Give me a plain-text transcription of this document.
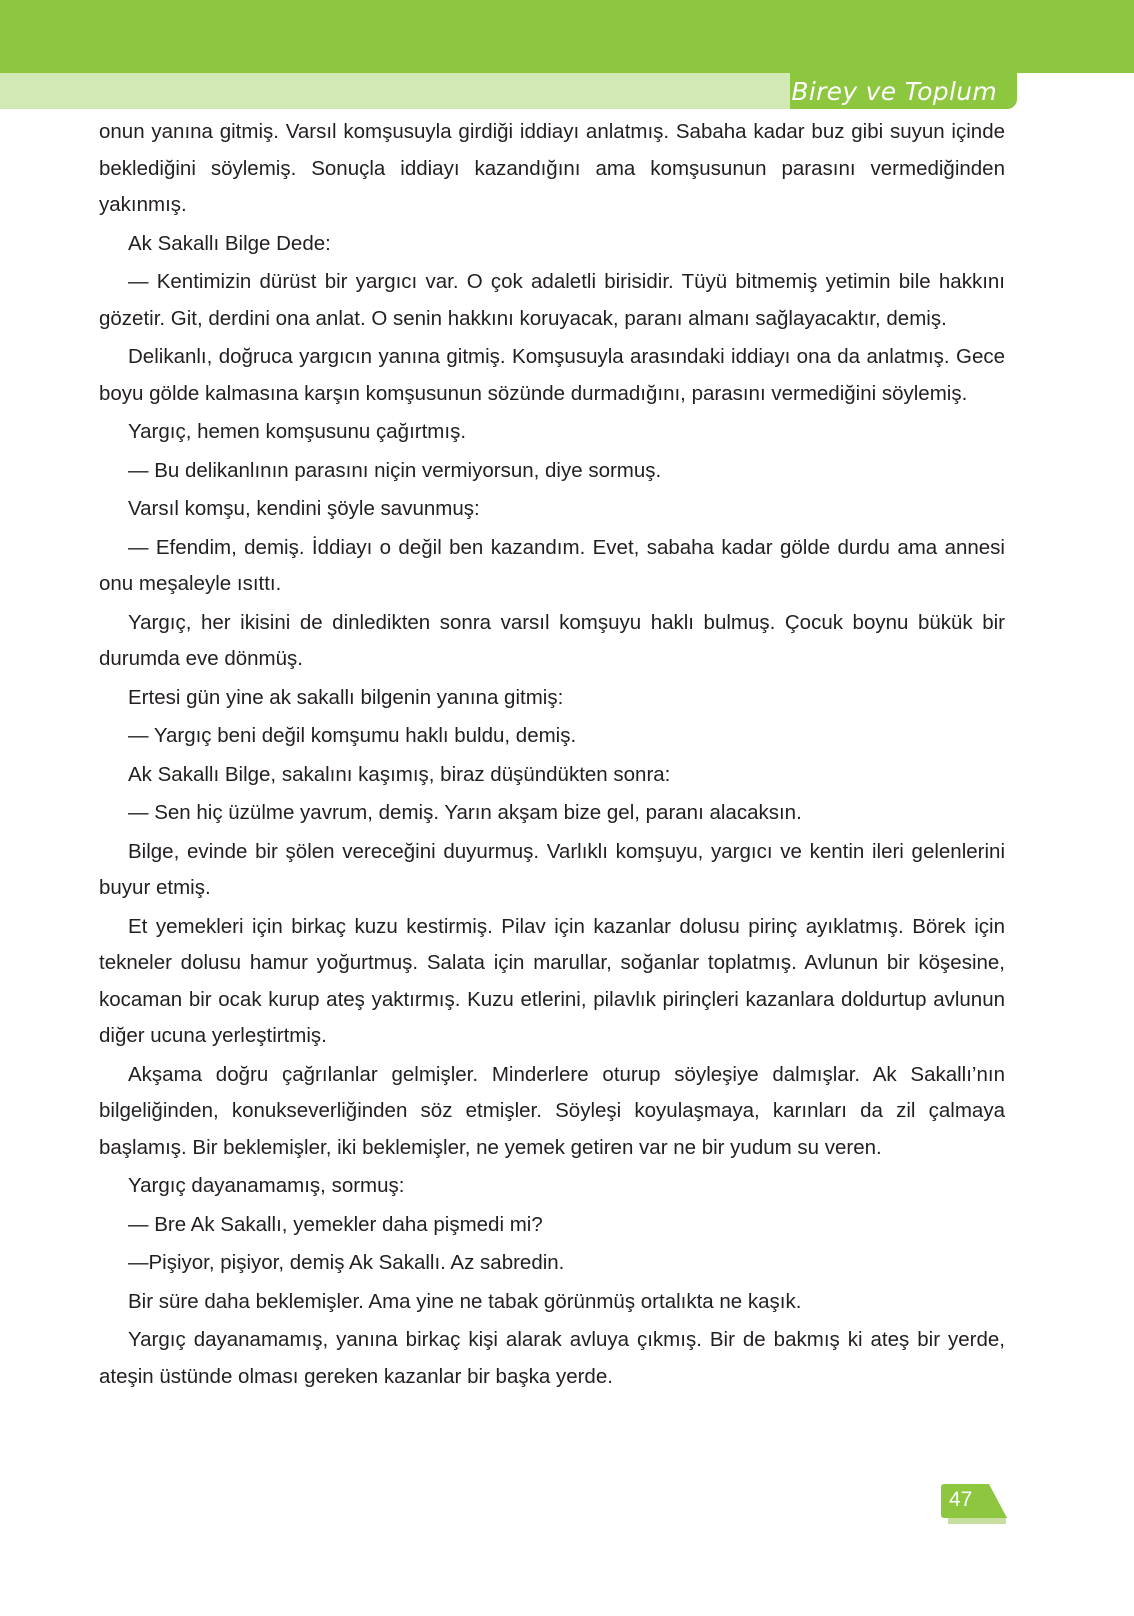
Birey ve Toplum

onun yanına gitmiş. Varsıl komşusuyla girdiği iddiayı anlatmış. Sabaha kadar buz gibi suyun içinde beklediğini söylemiş. Sonuçla iddiayı kazandığını ama komşusunun parasını vermediğinden yakınmış.

Ak Sakallı Bilge Dede:

— Kentimizin dürüst bir yargıcı var. O çok adaletli birisidir. Tüyü bitmemiş yetimin bile hakkını gözetir. Git, derdini ona anlat. O senin hakkını koruyacak, paranı almanı sağlayacaktır, demiş.

Delikanlı, doğruca yargıcın yanına gitmiş. Komşusuyla arasındaki iddiayı ona da anlatmış. Gece boyu gölde kalmasına karşın komşusunun sözünde durmadığını, parasını vermediğini söylemiş.

Yargıç, hemen komşusunu çağırtmış.

— Bu delikanlının parasını niçin vermiyorsun, diye sormuş.

Varsıl komşu, kendini şöyle savunmuş:

— Efendim, demiş. İddiayı o değil ben kazandım. Evet, sabaha kadar gölde durdu ama annesi onu meşaleyle ısıttı.

Yargıç, her ikisini de dinledikten sonra varsıl komşuyu haklı bulmuş. Çocuk boynu bükük bir durumda eve dönmüş.

Ertesi gün yine ak sakallı bilgenin yanına gitmiş:

— Yargıç beni değil komşumu haklı buldu, demiş.

Ak Sakallı Bilge, sakalını kaşımış, biraz düşündükten sonra:

— Sen hiç üzülme yavrum, demiş. Yarın akşam bize gel, paranı alacaksın.

Bilge, evinde bir şölen vereceğini duyurmuş. Varlıklı komşuyu, yargıcı ve kentin ileri gelenlerini buyur etmiş.

Et yemekleri için birkaç kuzu kestirmiş. Pilav için kazanlar dolusu pirinç ayıklatmış. Börek için tekneler dolusu hamur yoğurtmuş. Salata için marullar, soğanlar toplatmış. Avlunun bir köşesine, kocaman bir ocak kurup ateş yaktırmış. Kuzu etlerini, pilavlık pirinçleri kazanlara doldurtup avlunun diğer ucuna yerleştirtmiş.

Akşama doğru çağrılanlar gelmişler. Minderlere oturup söyleşiye dalmışlar. Ak Sakallı’nın bilgeliğinden, konukseverliğinden söz etmişler. Söyleşi koyulaşmaya, karınları da zil çalmaya başlamış. Bir beklemişler, iki beklemişler, ne yemek getiren var ne bir yudum su veren.

Yargıç dayanamamış, sormuş:

— Bre Ak Sakallı, yemekler daha pişmedi mi?

—Pişiyor, pişiyor, demiş Ak Sakallı. Az sabredin.

Bir süre daha beklemişler. Ama yine ne tabak görünmüş ortalıkta ne kaşık.

Yargıç dayanamamış, yanına birkaç kişi alarak avluya çıkmış. Bir de bakmış ki ateş bir yerde, ateşin üstünde olması gereken kazanlar bir başka yerde.

47
